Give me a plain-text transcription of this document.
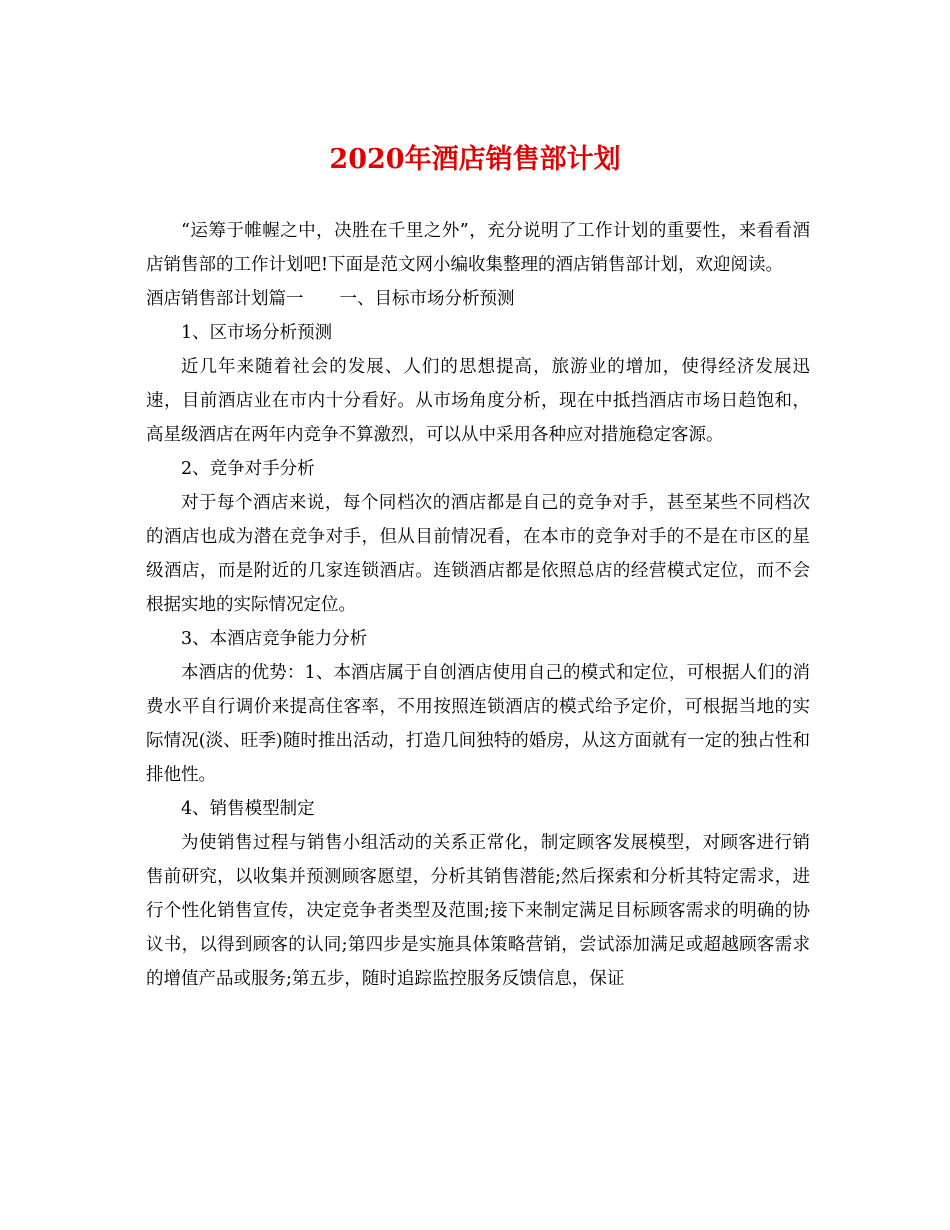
2020年酒店销售部计划

“运筹于帷幄之中，决胜在千里之外”，充分说明了工作计划的重要性，来看看酒店销售部的工作计划吧!下面是范文网小编收集整理的酒店销售部计划，欢迎阅读。

酒店销售部计划篇一 一、目标市场分析预测

1、区市场分析预测

近几年来随着社会的发展、人们的思想提高，旅游业的增加，使得经济发展迅速，目前酒店业在市内十分看好。从市场角度分析，现在中抵挡酒店市场日趋饱和，高星级酒店在两年内竞争不算激烈，可以从中采用各种应对措施稳定客源。

2、竞争对手分析

对于每个酒店来说，每个同档次的酒店都是自己的竞争对手，甚至某些不同档次的酒店也成为潜在竞争对手，但从目前情况看，在本市的竞争对手的不是在市区的星级酒店，而是附近的几家连锁酒店。连锁酒店都是依照总店的经营模式定位，而不会根据实地的实际情况定位。

3、本酒店竞争能力分析

本酒店的优势：1、本酒店属于自创酒店使用自己的模式和定位，可根据人们的消费水平自行调价来提高住客率，不用按照连锁酒店的模式给予定价，可根据当地的实际情况(淡、旺季)随时推出活动，打造几间独特的婚房，从这方面就有一定的独占性和排他性。

4、销售模型制定

为使销售过程与销售小组活动的关系正常化，制定顾客发展模型，对顾客进行销售前研究，以收集并预测顾客愿望，分析其销售潜能;然后探索和分析其特定需求，进行个性化销售宣传，决定竞争者类型及范围;接下来制定满足目标顾客需求的明确的协议书，以得到顾客的认同;第四步是实施具体策略营销，尝试添加满足或超越顾客需求的增值产品或服务;第五步，随时追踪监控服务反馈信息，保证
